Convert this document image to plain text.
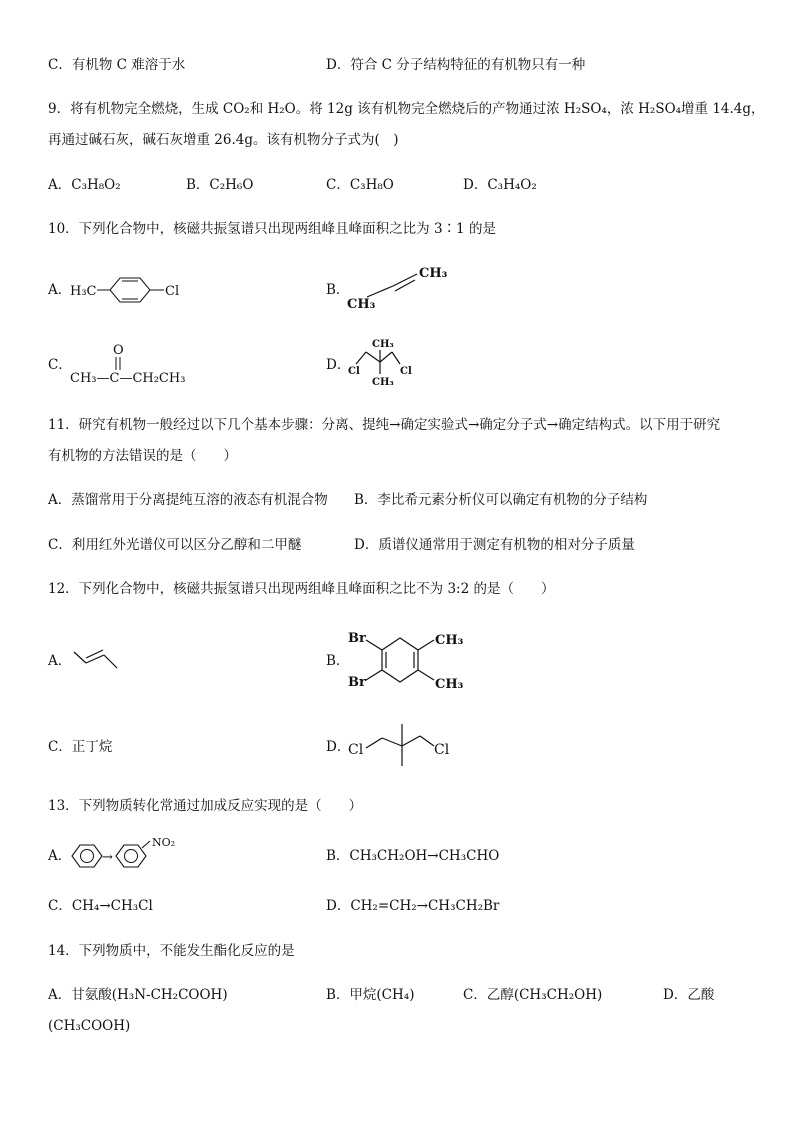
C．有机物 C 难溶于水	D．符合 C 分子结构特征的有机物只有一种
9．将有机物完全燃烧，生成 CO₂和 H₂O。将 12g 该有机物完全燃烧后的产物通过浓 H₂SO₄，浓 H₂SO₄增重 14.4g，
再通过碱石灰，碱石灰增重 26.4g。该有机物分子式为(　)
A．C₃H₈O₂	B．C₂H₆O	C．C₃H₈O	D．C₃H₄O₂
10．下列化合物中，核磁共振氢谱只出现两组峰且峰面积之比为 3∶1 的是
A．
H₃C	Cl	B．
CH₃
CH₃
C．
O
CH₃—C—CH₂CH₃
D．
CH₃
Cl	Cl
CH₃
11．研究有机物一般经过以下几个基本步骤：分离、提纯→确定实验式→确定分子式→确定结构式。以下用于研究
有机物的方法错误的是（　　）
A．蒸馏常用于分离提纯互溶的液态有机混合物 B．李比希元素分析仪可以确定有机物的分子结构
C．利用红外光谱仪可以区分乙醇和二甲醚	D．质谱仪通常用于测定有机物的相对分子质量
12．下列化合物中，核磁共振氢谱只出现两组峰且峰面积之比不为 3:2 的是（　　）
A．	B．
Br
Br
CH₃
CH₃
C．正丁烷	D．
Cl	Cl
13．下列物质转化常通过加成反应实现的是（　　）
A． →
NO₂
B．CH₃CH₂OH→CH₃CHO
C．CH₄→CH₃Cl	D．CH₂=CH₂→CH₃CH₂Br
14．下列物质中，不能发生酯化反应的是
A．甘氨酸(H₃N-CH₂COOH)	B．甲烷(CH₄)	C．乙醇(CH₃CH₂OH)	D．乙酸
(CH₃COOH)
